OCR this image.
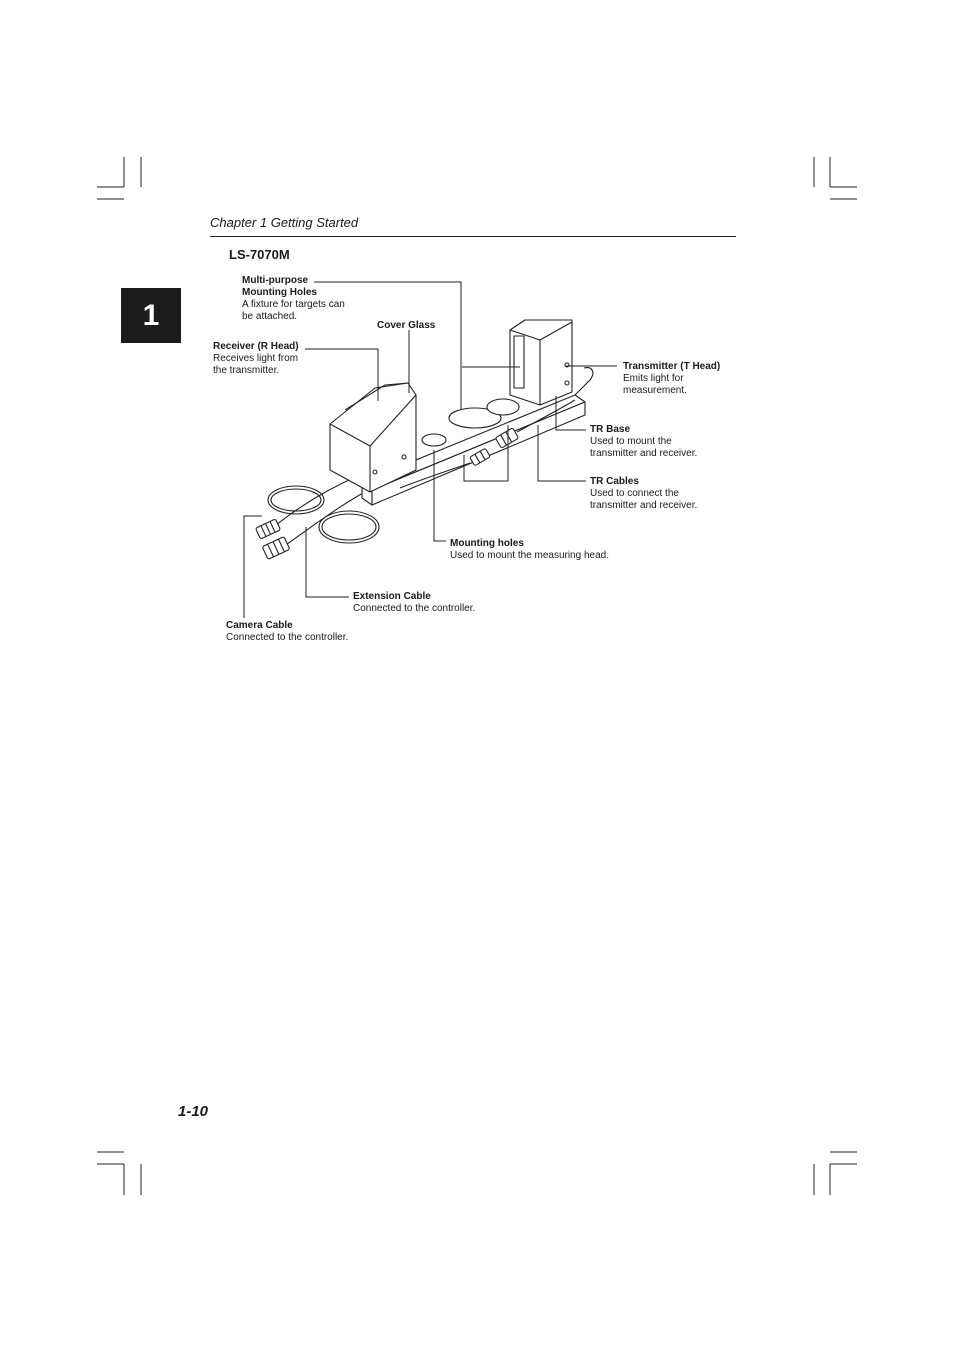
Chapter 1 Getting Started
1
LS-7070M
Multi-purpose
Mounting Holes
A fixture for targets can
be attached.
Cover Glass
Receiver (R Head)
Receives light from
the transmitter.	Transmitter (T Head)
Emits light for
measurement.
TR Base
Used to mount the
transmitter and receiver.
TR Cables
Used to connect the
transmitter and receiver.
Mounting holes
Used to mount the measuring head.
Extension Cable
Connected to the controller.
Camera Cable
Connected to the controller.
1-10
